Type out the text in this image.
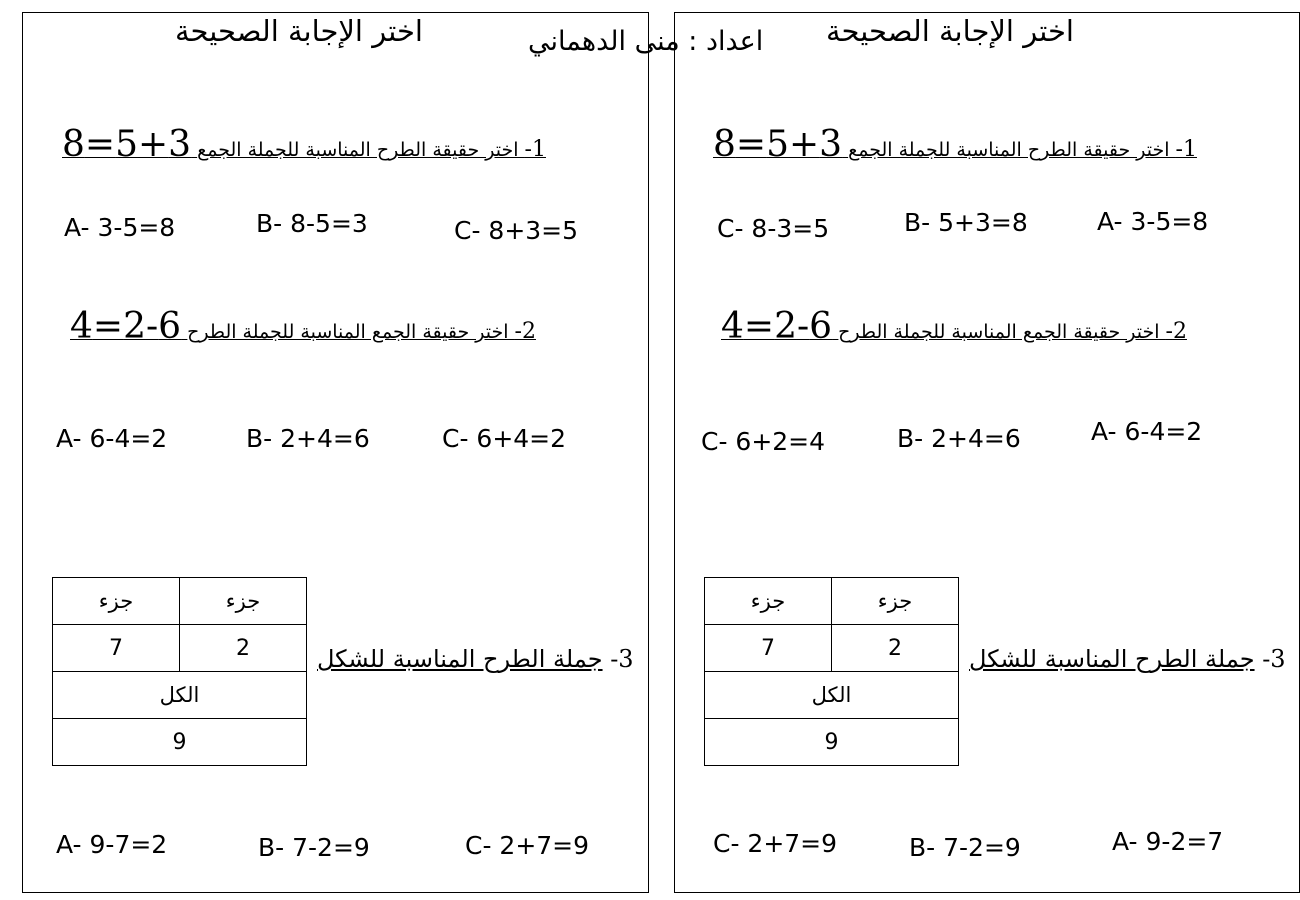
اختر الإجابة الصحيحة	اعداد : منى الدهماني اختر الإجابة الصحيحة
1- اختر حقيقة الطرح المناسبة للجملة الجمع 3+5=8
A- 3-5=8	B- 8-5=3	C- 8+3=5
2- اختر حقيقة الجمع المناسبة للجملة الطرح 6-2=4
A- 6-4=2	B- 2+4=6	C- 6+4=2
جزء	جزء
7	2
الكل	
9	
3- جملة الطرح المناسبة للشكل
A- 9-7=2	B- 7-2=9	C- 2+7=9
1- اختر حقيقة الطرح المناسبة للجملة الجمع 3+5=8
C- 8-3=5	B- 5+3=8	A- 3-5=8
2- اختر حقيقة الجمع المناسبة للجملة الطرح 6-2=4
C- 6+2=4	B- 2+4=6	A- 6-4=2
جزء	جزء
7	2
الكل	
9	
3- جملة الطرح المناسبة للشكل
C- 2+7=9	B- 7-2=9	A- 9-2=7
